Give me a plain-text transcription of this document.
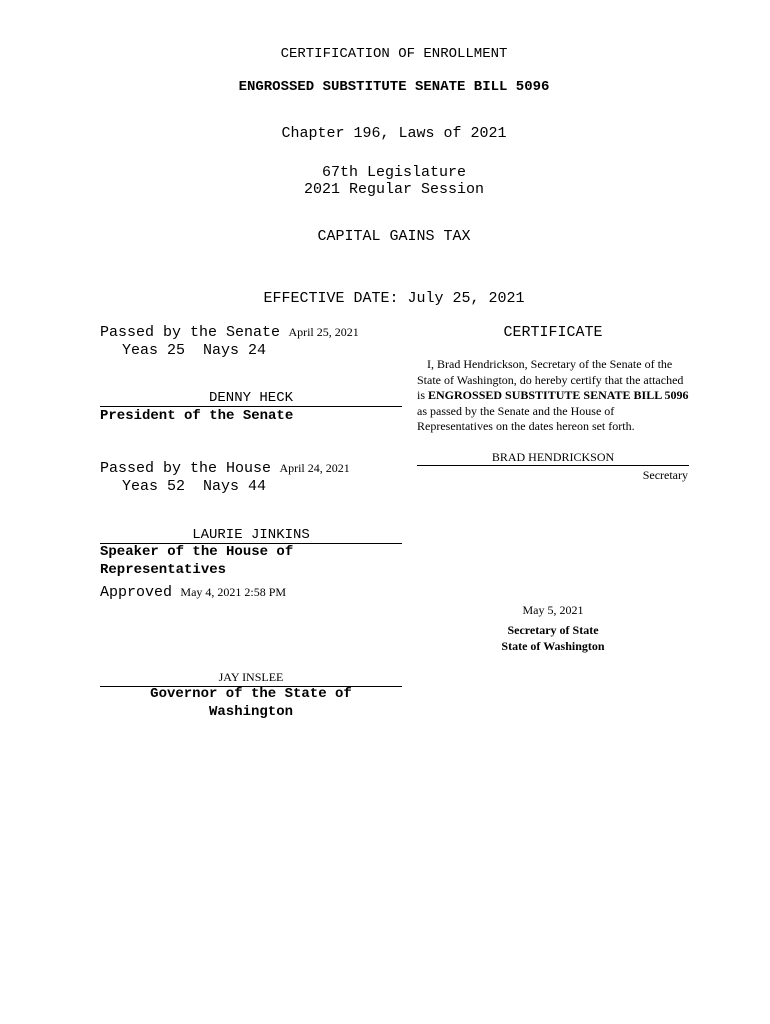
CERTIFICATION OF ENROLLMENT
ENGROSSED SUBSTITUTE SENATE BILL 5096
Chapter 196, Laws of 2021
67th Legislature
2021 Regular Session
CAPITAL GAINS TAX
EFFECTIVE DATE: July 25, 2021
Passed by the Senate April 25, 2021
Yeas 25  Nays 24
DENNY HECK
President of the Senate
Passed by the House April 24, 2021
Yeas 52  Nays 44
LAURIE JINKINS
Speaker of the House of
Representatives
Approved May 4, 2021 2:58 PM
JAY INSLEE
Governor of the State of
Washington
CERTIFICATE
I, Brad Hendrickson, Secretary of the Senate of the State of Washington, do hereby certify that the attached is ENGROSSED SUBSTITUTE SENATE BILL 5096 as passed by the Senate and the House of Representatives on the dates hereon set forth.
BRAD HENDRICKSON
Secretary
May 5, 2021
Secretary of State
State of Washington
